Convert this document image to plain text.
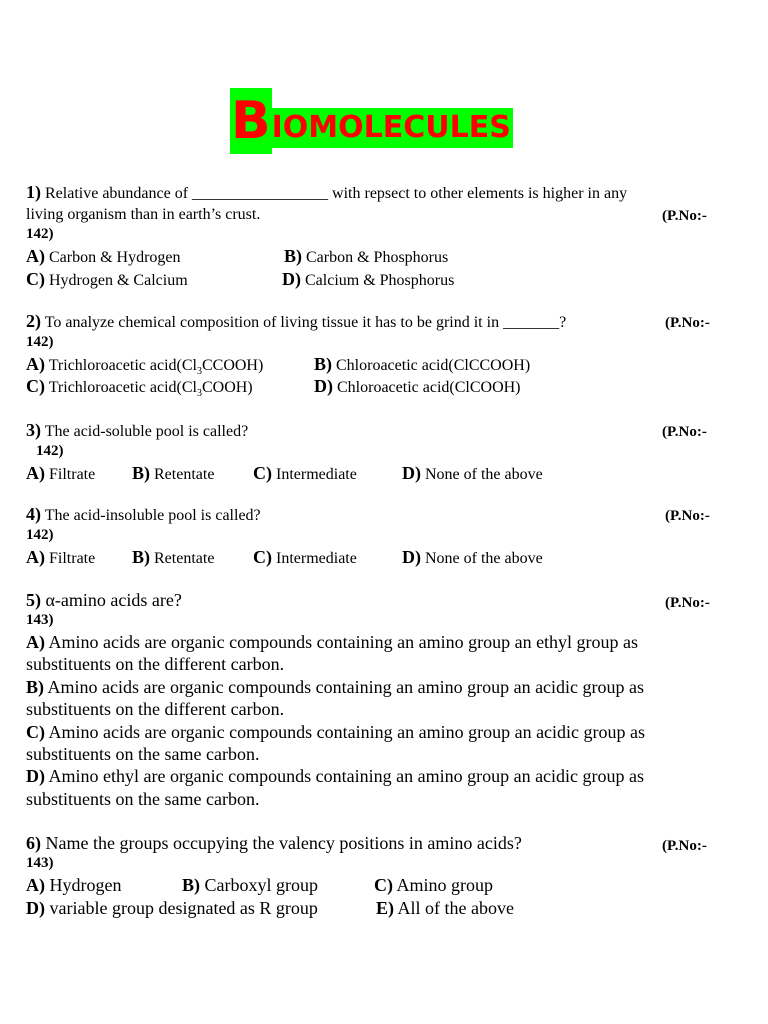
B IOMOLECULES
1) Relative abundance of _________________ with repsect to other elements is higher in any
living organism than in earth’s crust.	(P.No:-
142)
A) Carbon & Hydrogen	B) Carbon & Phosphorus
C) Hydrogen & Calcium	D) Calcium & Phosphorus
2) To analyze chemical composition of living tissue it has to be grind it in _______?	(P.No:-
142)
A) Trichloroacetic $acid(Cl_3CCOOH)$	B) Chloroacetic acid(ClCCOOH)
C) Trichloroacetic $acid(Cl_3COOH)$	D) Chloroacetic acid(ClCOOH)
3) The acid-soluble pool is called?	(P.No:-
142)
A) Filtrate B) Retentate C) Intermediate	D) None of the above
4) The acid-insoluble pool is called?	(P.No:-
142)
A) Filtrate B) Retentate C) Intermediate	D) None of the above
5) α-amino acids are?	(P.No:-
143)
A) Amino acids are organic compounds containing an amino group an ethyl group as
substituents on the different carbon.
B) Amino acids are organic compounds containing an amino group an acidic group as
substituents on the different carbon.
C) Amino acids are organic compounds containing an amino group an acidic group as
substituents on the same carbon.
D) Amino ethyl are organic compounds containing an amino group an acidic group as
substituents on the same carbon.
6) Name the groups occupying the valency positions in amino acids?	(P.No:-
143)
A) Hydrogen	B) Carboxyl group	C) Amino group
D) variable group designated as R group	E) All of the above
